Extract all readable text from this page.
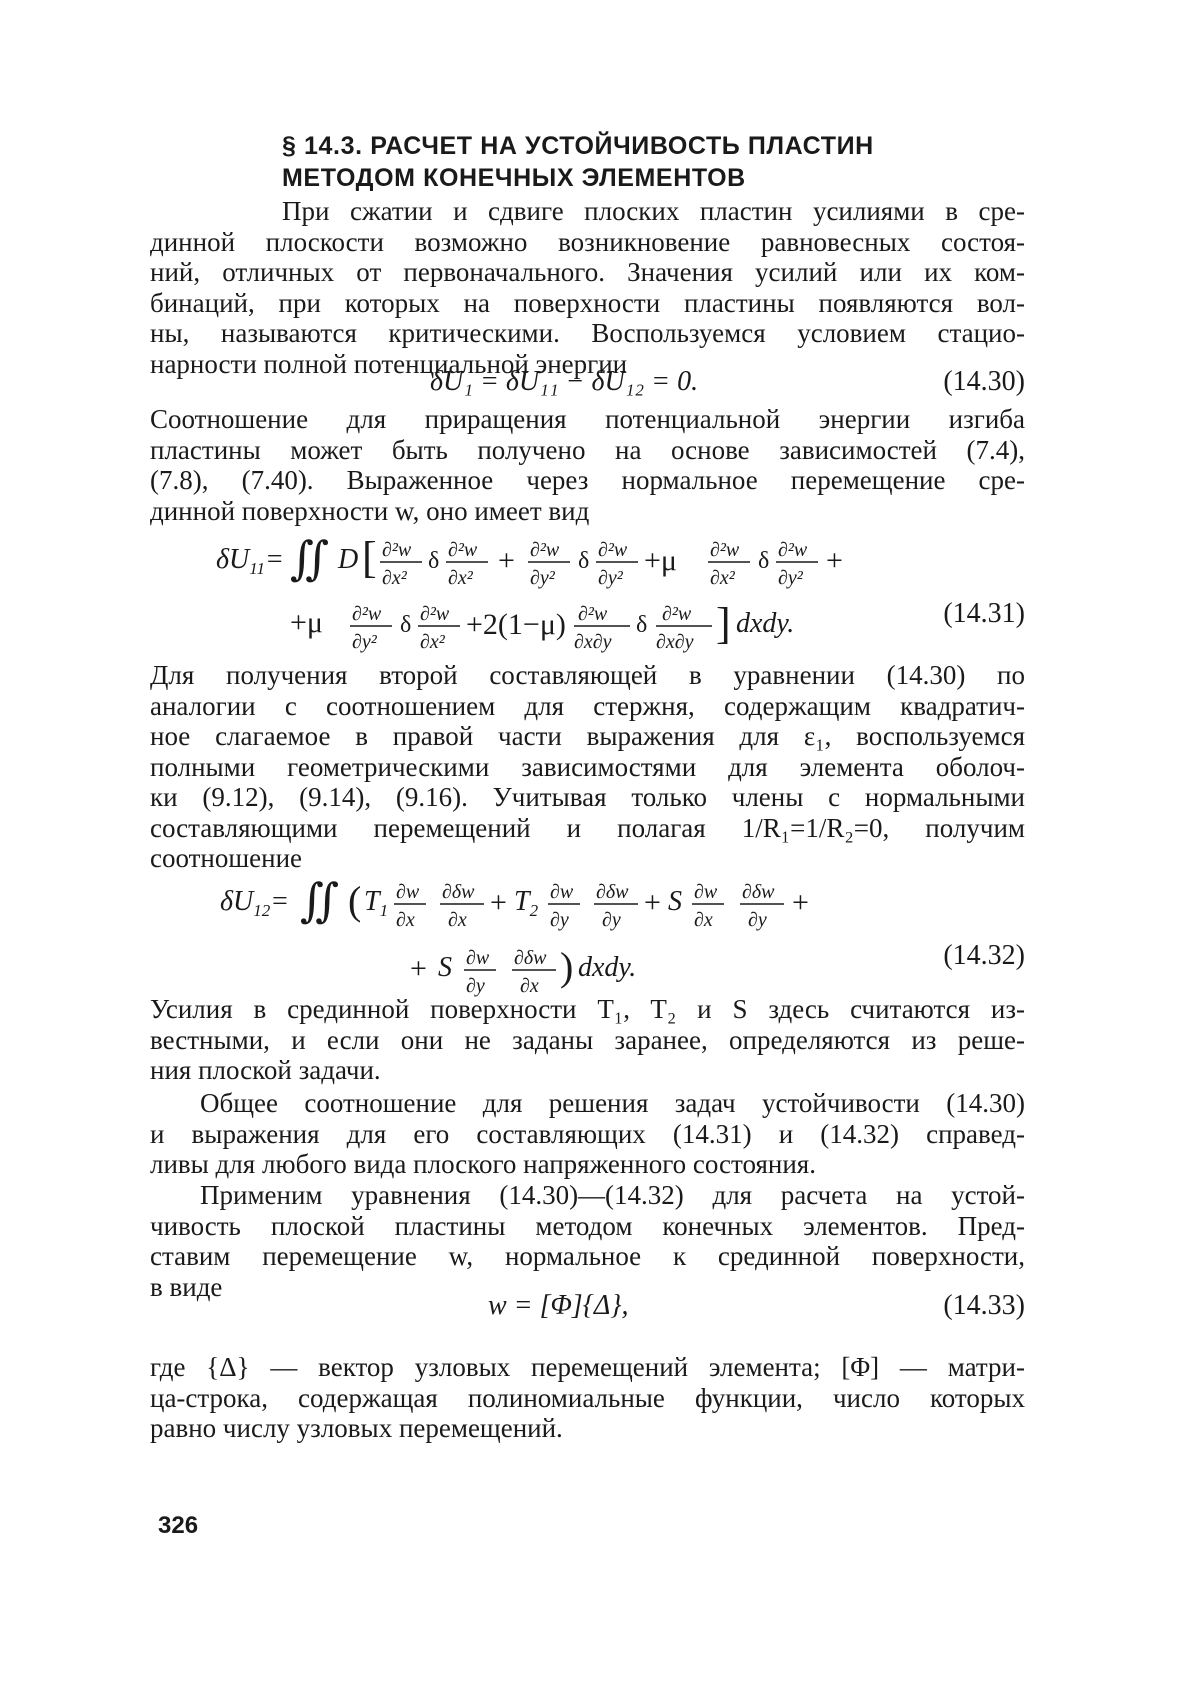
§ 14.3. РАСЧЕТ НА УСТОЙЧИВОСТЬ ПЛАСТИН
МЕТОДОМ КОНЕЧНЫХ ЭЛЕМЕНТОВ
При сжатии и сдвиге плоских пластин усилиями в сре-
динной плоскости возможно возникновение равновесных состоя-
ний, отличных от первоначального. Значения усилий или их ком-
бинаций, при которых на поверхности пластины появляются вол-
ны, называются критическими. Воспользуемся условием стацио-
нарности полной потенциальной энергии
δU₁ = δU₁₁ − δU₁₂ = 0.	(14.30)
Соотношение для приращения потенциальной энергии изгиба
пластины может быть получено на основе зависимостей (7.4),
(7.8), (7.40). Выраженное через нормальное перемещение сре-
динной поверхности w, оно имеет вид
$\delta U_{11}=$ ∬ D [ ∂²w
∂x²
δ ∂²w
∂x²
+ ∂²w
∂y²
δ ∂²w
∂y²
+μ ∂²w
∂x²
δ ∂²w
∂y²
+
+μ ∂²w
∂y²
δ ∂²w
∂x²
+2(1−μ) ∂²w
∂x∂y
δ ∂²w
∂x∂y ] dxdy.	(14.31)
Для получения второй составляющей в уравнении (14.30) по
аналогии с соотношением для стержня, содержащим квадратич-
ное слагаемое в правой части выражения для ε₁, воспользуемся
полными геометрическими зависимостями для элемента оболоч-
ки (9.12), (9.14), (9.16). Учитывая только члены с нормальными
составляющими перемещений и полагая 1/R₁=1/R₂=0, получим
соотношение
$\delta U_{12}=$ ∬ ( $T_1$
∂w
∂x
∂δw
∂x
+ $T_2$
∂w
∂y
∂δw
∂y
+ S ∂w
∂x
∂δw
∂y
+
+ S ∂w
∂y
∂δw
∂x ) dxdy.	(14.32)
Усилия в срединной поверхности T₁, T₂ и S здесь считаются из-
вестными, и если они не заданы заранее, определяются из реше-
ния плоской задачи.
Общее соотношение для решения задач устойчивости (14.30)
и выражения для его составляющих (14.31) и (14.32) справед-
ливы для любого вида плоского напряженного состояния.
Применим уравнения (14.30)—(14.32) для расчета на устой-
чивость плоской пластины методом конечных элементов. Пред-
ставим перемещение w, нормальное к срединной поверхности,
в виде
w = [Φ]{Δ},	(14.33)
где {Δ} — вектор узловых перемещений элемента; [Φ] — матри-
ца-строка, содержащая полиномиальные функции, число которых
равно числу узловых перемещений.
326
